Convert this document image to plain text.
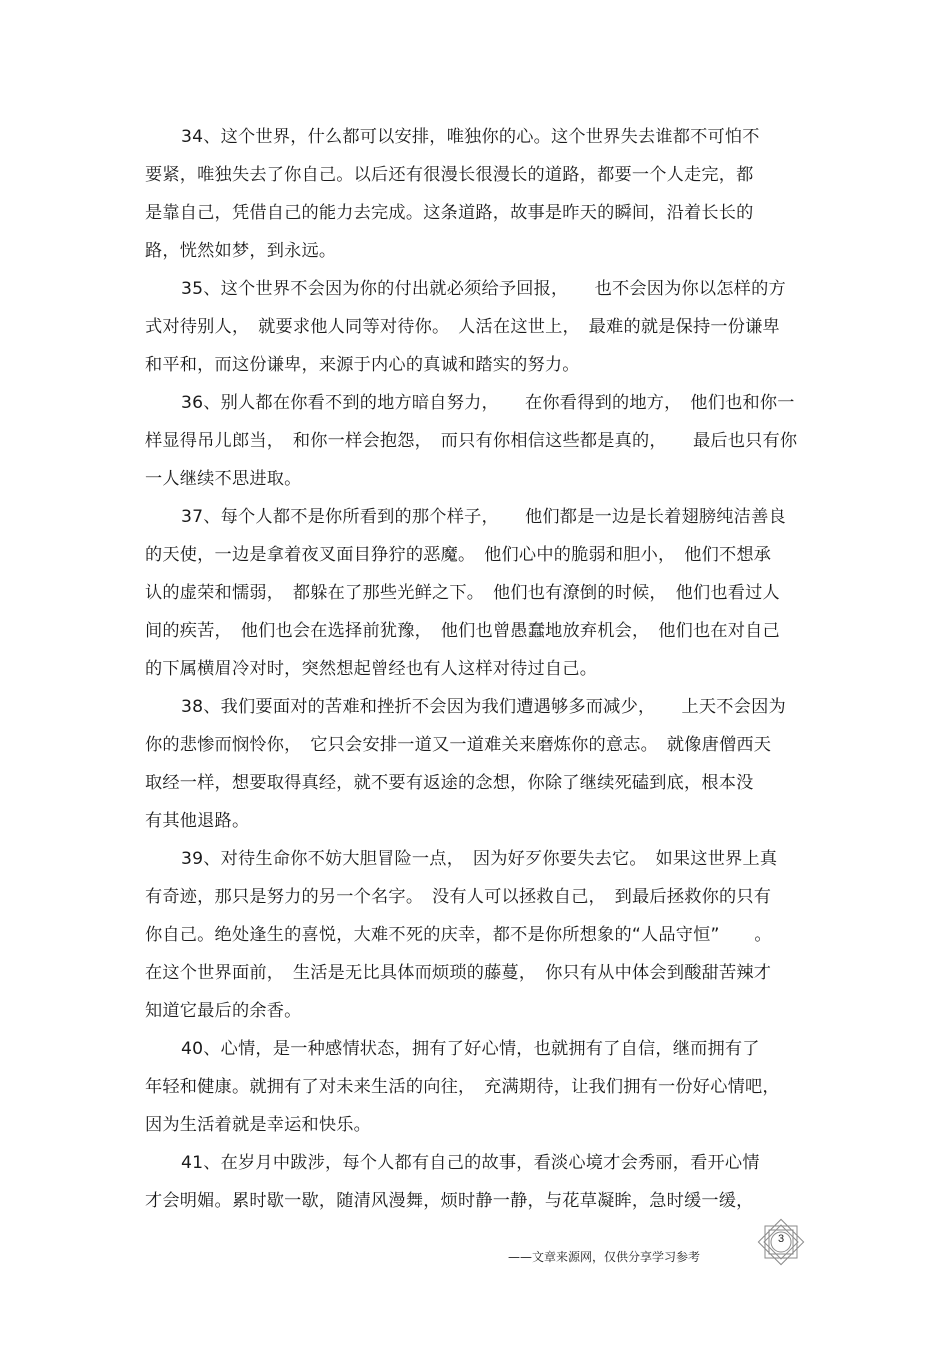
34、这个世界，什么都可以安排，唯独你的心。这个世界失去谁都不可怕不
要紧，唯独失去了你自己。以后还有很漫长很漫长的道路，都要一个人走完，都
是靠自己，凭借自己的能力去完成。这条道路，故事是昨天的瞬间，沿着长长的
路，恍然如梦，到永远。
35、这个世界不会因为你的付出就必须给予回报，　　也不会因为你以怎样的方
式对待别人，　就要求他人同等对待你。　人活在这世上，　最难的就是保持一份谦卑
和平和，而这份谦卑，来源于内心的真诚和踏实的努力。
36、别人都在你看不到的地方暗自努力，　　在你看得到的地方，　他们也和你一
样显得吊儿郎当，　和你一样会抱怨，　而只有你相信这些都是真的，　　最后也只有你
一人继续不思进取。
37、每个人都不是你所看到的那个样子，　　他们都是一边是长着翅膀纯洁善良
的天使，一边是拿着夜叉面目狰狞的恶魔。　他们心中的脆弱和胆小，　他们不想承
认的虚荣和懦弱，　都躲在了那些光鲜之下。　他们也有潦倒的时候，　他们也看过人
间的疾苦，　他们也会在选择前犹豫，　他们也曾愚蠢地放弃机会，　他们也在对自己
的下属横眉冷对时，突然想起曾经也有人这样对待过自己。
38、我们要面对的苦难和挫折不会因为我们遭遇够多而减少，　　上天不会因为
你的悲惨而悯怜你，　它只会安排一道又一道难关来磨炼你的意志。　就像唐僧西天
取经一样，想要取得真经，就不要有返途的念想，你除了继续死磕到底，根本没
有其他退路。
39、对待生命你不妨大胆冒险一点，　因为好歹你要失去它。　如果这世界上真
有奇迹，那只是努力的另一个名字。　没有人可以拯救自己，　到最后拯救你的只有
你自己。绝处逢生的喜悦，大难不死的庆幸，都不是你所想象的“人品守恒”　　。
在这个世界面前，　生活是无比具体而烦琐的藤蔓，　你只有从中体会到酸甜苦辣才
知道它最后的余香。
40、心情，是一种感情状态，拥有了好心情，也就拥有了自信，继而拥有了
年轻和健康。就拥有了对未来生活的向往，　充满期待，让我们拥有一份好心情吧，
因为生活着就是幸运和快乐。
41、在岁月中跋涉，每个人都有自己的故事，看淡心境才会秀丽，看开心情
才会明媚。累时歇一歇，随清风漫舞，烦时静一静，与花草凝眸，急时缓一缓，
——文章来源网，仅供分享学习参考
3
